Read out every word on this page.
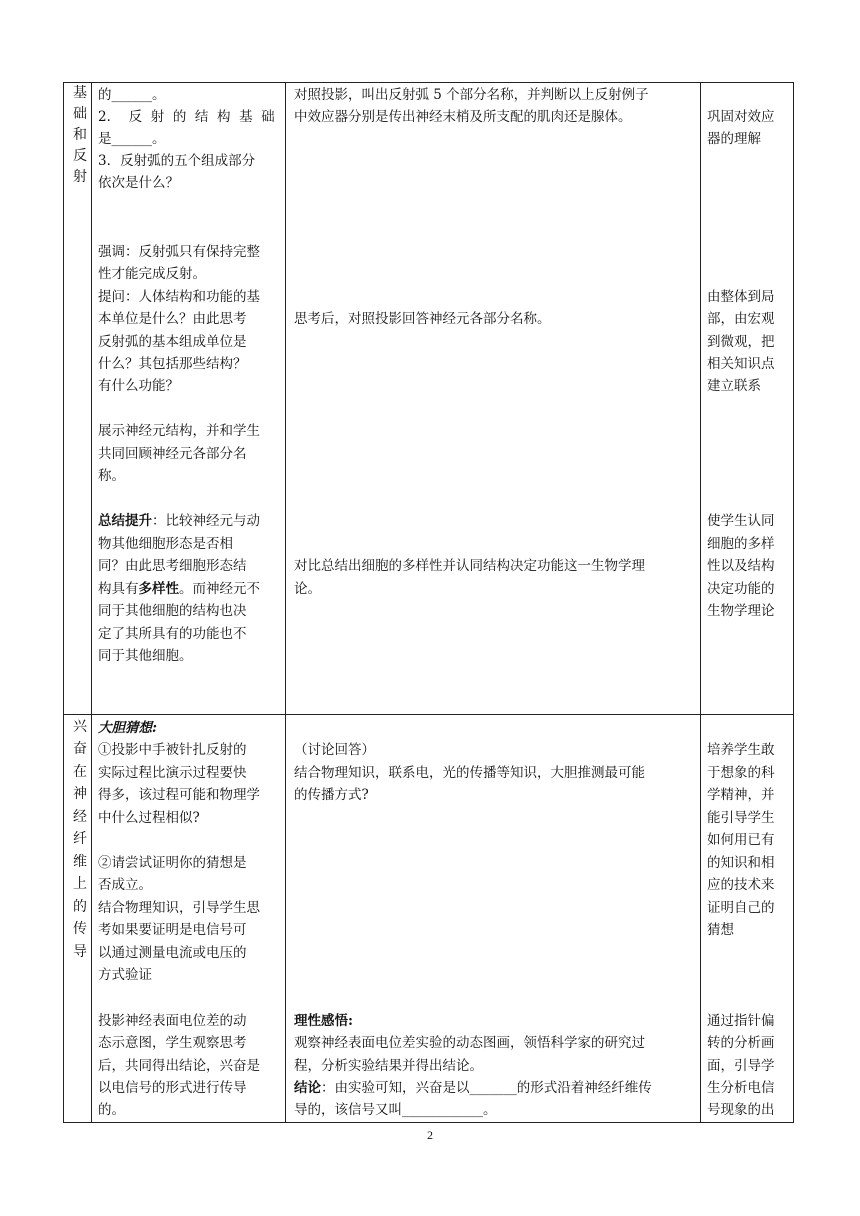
基
础
和
反
射
的______。
2．  反  射  的  结  构  基  础
是______。
3．反射弧的五个组成部分
依次是什么？
强调：反射弧只有保持完整
性才能完成反射。
提问：人体结构和功能的基
本单位是什么？由此思考
反射弧的基本组成单位是
什么？其包括那些结构？
有什么功能？
展示神经元结构，并和学生
共同回顾神经元各部分名
称。
总结提升：比较神经元与动
物其他细胞形态是否相
同？由此思考细胞形态结
构具有多样性。而神经元不
同于其他细胞的结构也决
定了其所具有的功能也不
同于其他细胞。
对照投影，叫出反射弧 5 个部分名称，并判断以上反射例子
中效应器分别是传出神经末梢及所支配的肌肉还是腺体。
思考后，对照投影回答神经元各部分名称。
对比总结出细胞的多样性并认同结构决定功能这一生物学理
论。
巩固对效应
器的理解
由整体到局
部，由宏观
到微观，把
相关知识点
建立联系
使学生认同
细胞的多样
性以及结构
决定功能的
生物学理论
兴
奋
在
神
经
纤
维
上
的
传
导
大胆猜想:
①投影中手被针扎反射的
实际过程比演示过程要快
得多，该过程可能和物理学
中什么过程相似?
②请尝试证明你的猜想是
否成立。
结合物理知识，引导学生思
考如果要证明是电信号可
以通过测量电流或电压的
方式验证
投影神经表面电位差的动
态示意图，学生观察思考
后，共同得出结论，兴奋是
以电信号的形式进行传导
的。
（讨论回答）
结合物理知识，联系电，光的传播等知识，大胆推测最可能
的传播方式?
理性感悟:
观察神经表面电位差实验的动态图画，领悟科学家的研究过
程，分析实验结果并得出结论。
结论：由实验可知，兴奋是以_______的形式沿着神经纤维传
导的，该信号又叫____________。
培养学生敢
于想象的科
学精神，并
能引导学生
如何用已有
的知识和相
应的技术来
证明自己的
猜想
通过指针偏
转的分析画
面，引导学
生分析电信
号现象的出
2
